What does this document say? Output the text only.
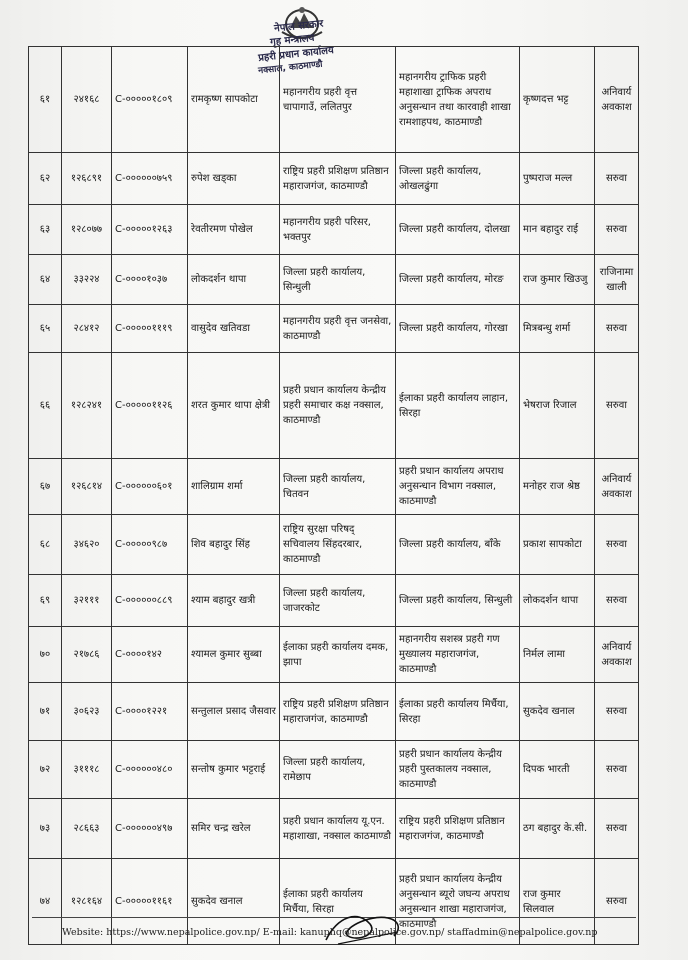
नेपाल सरकार
गृह मन्त्रालय
प्रहरी प्रधान कार्यालय
नक्साल, काठमाण्डौ
६१	२४१६८	C-०००००१८०९	रामकृष्ण सापकोटा	महानगरीय प्रहरी वृत्त चापागाउँ, ललितपुर	महानगरीय ट्राफिक प्रहरी महाशाखा ट्राफिक अपराध अनुसन्धान तथा कारवाही शाखा रामशाहपथ, काठमाण्डौ	कृष्णदत्त भट्ट	अनिवार्य अवकाश
६२	१२६८९१	C-००००००७५९	रुपेश खड्का	राष्ट्रिय प्रहरी प्रशिक्षण प्रतिष्ठान महाराजगंज, काठमाण्डौ	जिल्ला प्रहरी कार्यालय, ओखलढुंगा	पुष्पराज मल्ल	सरुवा
६३	१२८०७७	C-०००००१२६३	रेवतीरमण पोखेल	महानगरीय प्रहरी परिसर, भक्तपुर	जिल्ला प्रहरी कार्यालय, दोलखा	मान बहादुर राई	सरुवा
६४	३३२२४	C-००००१०३७	लोकदर्शन थापा	जिल्ला प्रहरी कार्यालय, सिन्धुली	जिल्ला प्रहरी कार्यालय, मोरङ	राज कुमार खिउजु	राजिनामा खाली
६५	२८४१२	C-०००००१११९	वासुदेव खतिवडा	महानगरीय प्रहरी वृत्त जनसेवा, काठमाण्डौ	जिल्ला प्रहरी कार्यालय, गोरखा	मित्रबन्धु शर्मा	सरुवा
६६	१२८२४१	C-०००००११२६	शरत कुमार थापा क्षेत्री	प्रहरी प्रधान कार्यालय केन्द्रीय प्रहरी समाचार कक्ष नक्साल, काठमाण्डौ	ईलाका प्रहरी कार्यालय लाहान, सिरहा	भेषराज रिजाल	सरुवा
६७	१२६८१४	C-००००००६०१	शालिग्राम शर्मा	जिल्ला प्रहरी कार्यालय, चितवन	प्रहरी प्रधान कार्यालय अपराध अनुसन्धान विभाग नक्साल, काठमाण्डौ	मनोहर राज श्रेष्ठ	अनिवार्य अवकाश
६८	३४६२०	C-०००००९८७	शिव बहादुर सिंह	राष्ट्रिय सुरक्षा परिषद् सचिवालय सिंहदरबार, काठमाण्डौ	जिल्ला प्रहरी कार्यालय, बाँके	प्रकाश सापकोटा	सरुवा
६९	३२१११	C-००००००८८९	श्याम बहादुर खत्री	जिल्ला प्रहरी कार्यालय, जाजरकोट	जिल्ला प्रहरी कार्यालय, सिन्धुली	लोकदर्शन थापा	सरुवा
७०	२१७८६	C-००००१४२	श्यामल कुमार सुब्बा	ईलाका प्रहरी कार्यालय दमक, झापा	महानगरीय सशस्त्र प्रहरी गण मुख्यालय महाराजगंज, काठमाण्डौ	निर्मल लामा	अनिवार्य अवकाश
७१	३०६२३	C-००००१२२१	सन्तुलाल प्रसाद जैसवार	राष्ट्रिय प्रहरी प्रशिक्षण प्रतिष्ठान महाराजगंज, काठमाण्डौ	ईलाका प्रहरी कार्यालय मिर्चैया, सिरहा	सुकदेव खनाल	सरुवा
७२	३१११८	C-००००००४८०	सन्तोष कुमार भट्टराई	जिल्ला प्रहरी कार्यालय, रामेछाप	प्रहरी प्रधान कार्यालय केन्द्रीय प्रहरी पुस्तकालय नक्साल, काठमाण्डौ	दिपक भारती	सरुवा
७३	२८६६३	C-००००००४९७	समिर चन्द्र खरेल	प्रहरी प्रधान कार्यालय यू.एन. महाशाखा, नक्साल काठमाण्डौ	राष्ट्रिय प्रहरी प्रशिक्षण प्रतिष्ठान महाराजगंज, काठमाण्डौ	ठग बहादुर के.सी.	सरुवा
७४	१२८१६४	C-०००००११६१	सुकदेव खनाल	ईलाका प्रहरी कार्यालय मिर्चैया, सिरहा	प्रहरी प्रधान कार्यालय केन्द्रीय अनुसन्धान ब्यूरो जघन्य अपराध अनुसन्धान शाखा महाराजगंज, काठमाण्डौ	राज कुमार सिलवाल	सरुवा
Website: https://www.nepalpolice.gov.np/ E-mail: kanuphq@nepalpolice.gov.np/ staffadmin@nepalpolice.gov.np
